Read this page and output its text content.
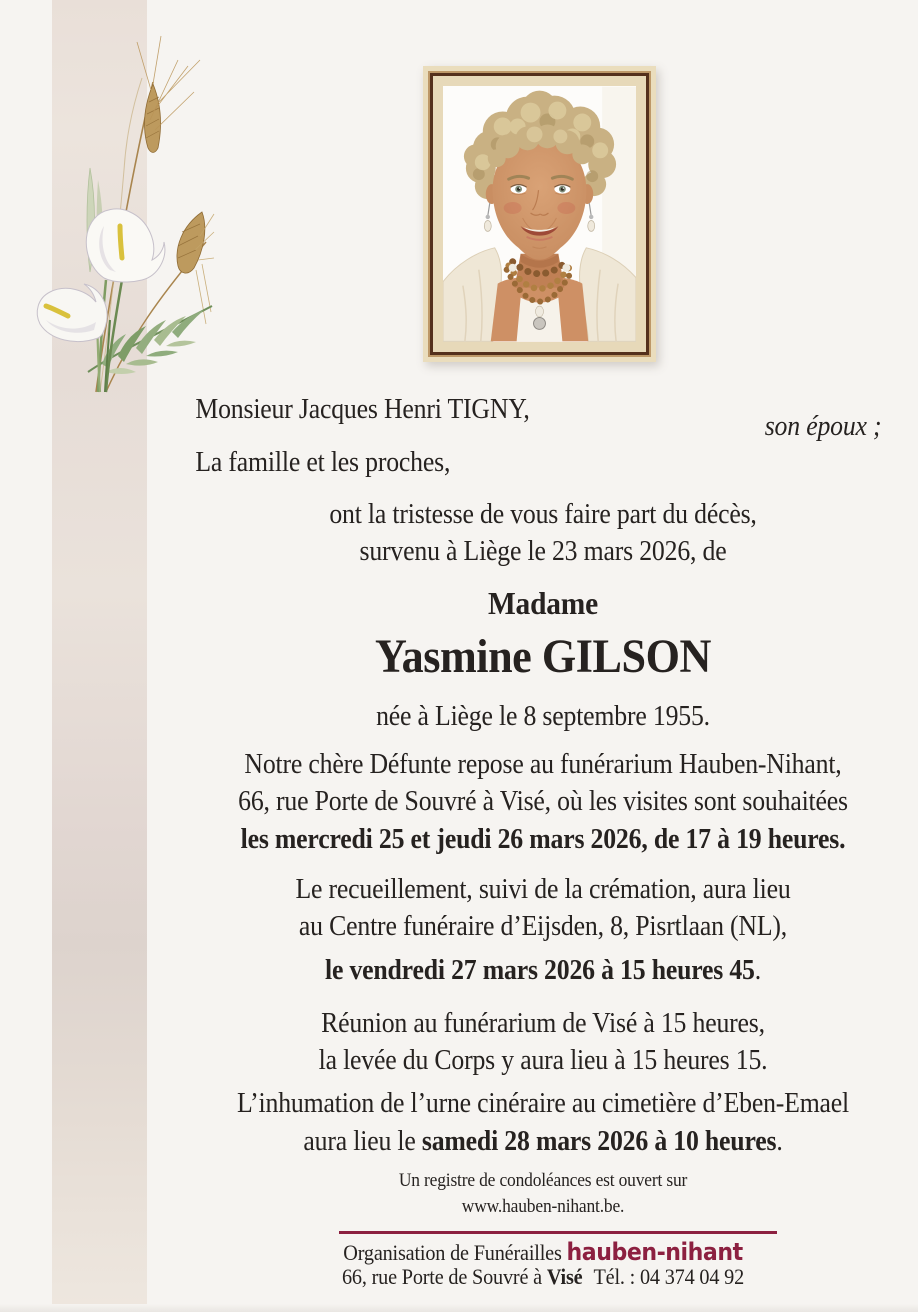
Monsieur Jacques Henri TIGNY,

son époux ;

La famille et les proches,

ont la tristesse de vous faire part du décès,

survenu à Liège le 23 mars 2026, de

Madame

Yasmine GILSON

née à Liège le 8 septembre 1955.

Notre chère Défunte repose au funérarium Hauben-Nihant,

66, rue Porte de Souvré à Visé, où les visites sont souhaitées

les mercredi 25 et jeudi 26 mars 2026, de 17 à 19 heures.

Le recueillement, suivi de la crémation, aura lieu

au Centre funéraire d’Eijsden, 8, Pisrtlaan (NL),

le vendredi 27 mars 2026 à 15 heures 45.

Réunion au funérarium de Visé à 15 heures,

la levée du Corps y aura lieu à 15 heures 15.

L’inhumation de l’urne cinéraire au cimetière d’Eben-Emael

aura lieu le samedi 28 mars 2026 à 10 heures.

Un registre de condoléances est ouvert sur

www.hauben-nihant.be.

Organisation de Funérailles hauben-nihant

66, rue Porte de Souvré à Visé Tél. : 04 374 04 92
